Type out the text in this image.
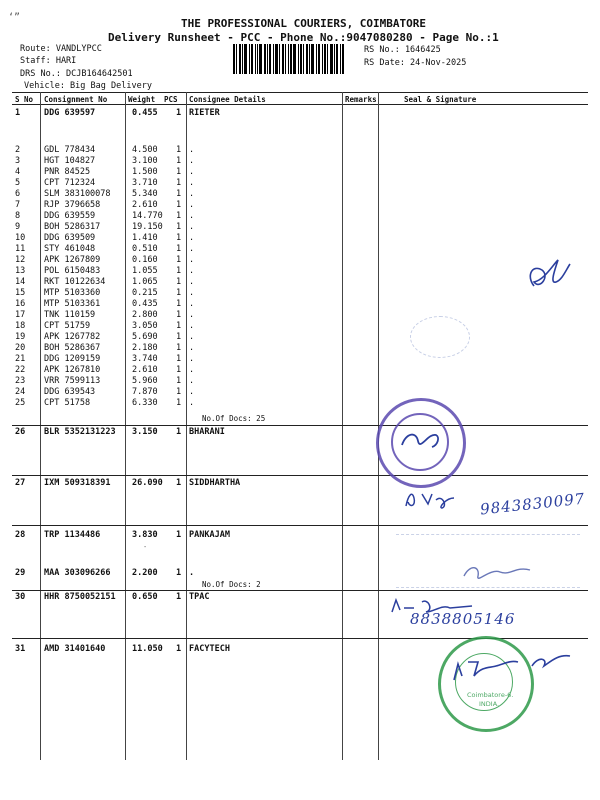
‘”	THE PROFESSIONAL COURIERS, COIMBATORE
Delivery Runsheet - PCC - Phone No.:9047080280 - Page No.:1
Route: VANDLYPCC
Staff: HARI
DRS No.: DCJB164642501
Vehicle: Big Bag Delivery
RS No.: 1646425
RS Date: 24-Nov-2025
S No Consignment No	Weight PCS Consignee Details	Remarks	Seal & Signature
1	DDG 639597	0.455 1 RIETER
2	GDL 778434	4.500 1 .
3	HGT 104827	3.100 1 .
4	PNR 84525	1.500 1 .
5	CPT 712324	3.710 1 .
6	SLM 383100078	5.340 1 .
7	RJP 3796658	2.610 1 .
8	DDG 639559	14.770 1 .
9	BOH 5286317	19.150 1 .
10 DDG 639509	1.410 1 .
11 STY 461048	0.510 1 .
12 APK 1267809	0.160 1 .
13 POL 6150483	1.055 1 .
14 RKT 10122634	1.065 1 .
15 MTP 5103360	0.215 1 .
16 MTP 5103361	0.435 1 .
17 TNK 110159	2.800 1 .
18 CPT 51759	3.050 1 .
19 APK 1267782	5.690 1 .
20 BOH 5286367	2.180 1 .
21 DDG 1209159	3.740 1 .
22 APK 1267810	2.610 1 .
23 VRR 7599113	5.960 1 .
24 DDG 639543	7.870 1 .
25 CPT 51758	6.330 1 .
No.Of Docs: 25
26 BLR 5352131223 3.150 1 BHARANI
27 IXM 509318391	26.090 1 SIDDHARTHA
28 TRP 1134486	3.830 1 PANKAJAM
29 MAA 303096266	2.200 1 .
30 HHR 8750052151 0.650 1 TPAC
31 AMD 31401640	11.050 1 FACYTECH
No.Of Docs: 2
-
9843830097
8838805146
Coimbatore-6.
INDIA.
